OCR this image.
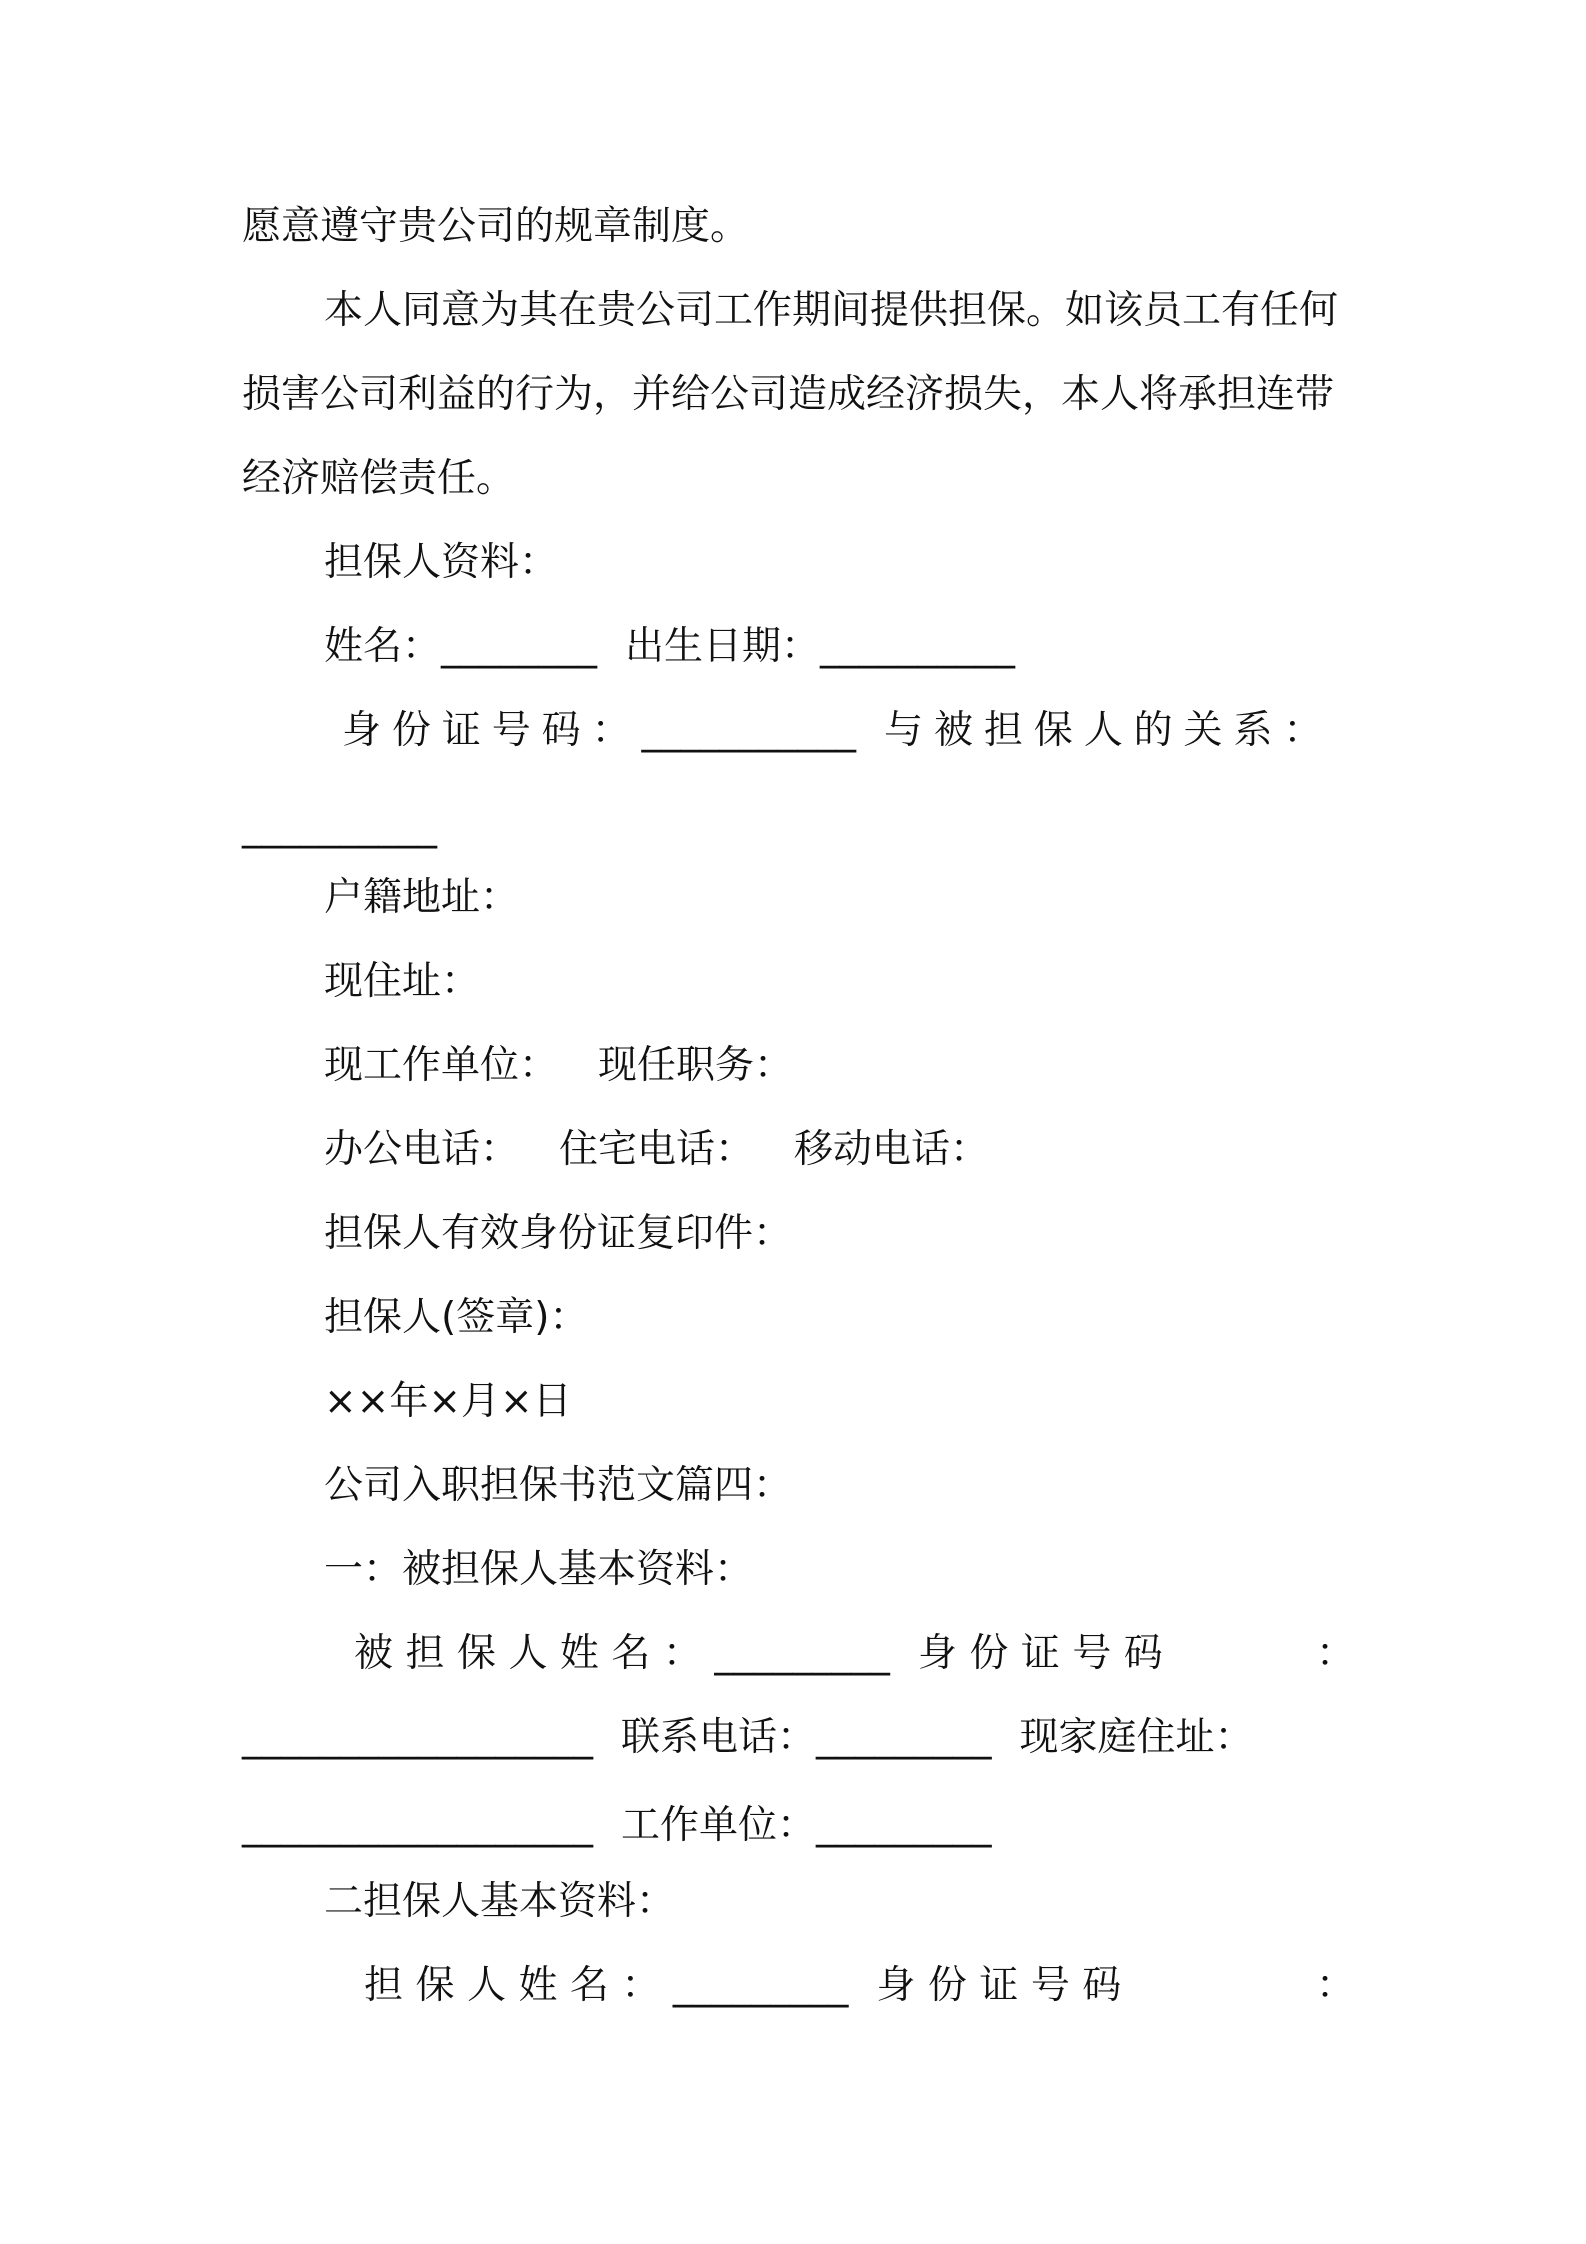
愿意遵守贵公司的规章制度。
本人同意为其在贵公司工作期间提供担保。如该员工有任何
损害公司利益的行为，并给公司造成经济损失，本人将承担连带
经济赔偿责任。
担保人资料：
姓名：________ 出生日期：__________
身份证号码：___________ 与被担保人的关系：
__________
户籍地址：
现住址：
现工作单位： 现任职务：
办公电话： 住宅电话： 移动电话：
担保人有效身份证复印件：
担保人(签章)：
××年×月×日
公司入职担保书范文篇四：
一：被担保人基本资料：
被担保人姓名：_________ 身份证号码	：
__________________ 联系电话：_________ 现家庭住址：
__________________ 工作单位：_________
二担保人基本资料：
担保人姓名：_________ 身份证号码	：
